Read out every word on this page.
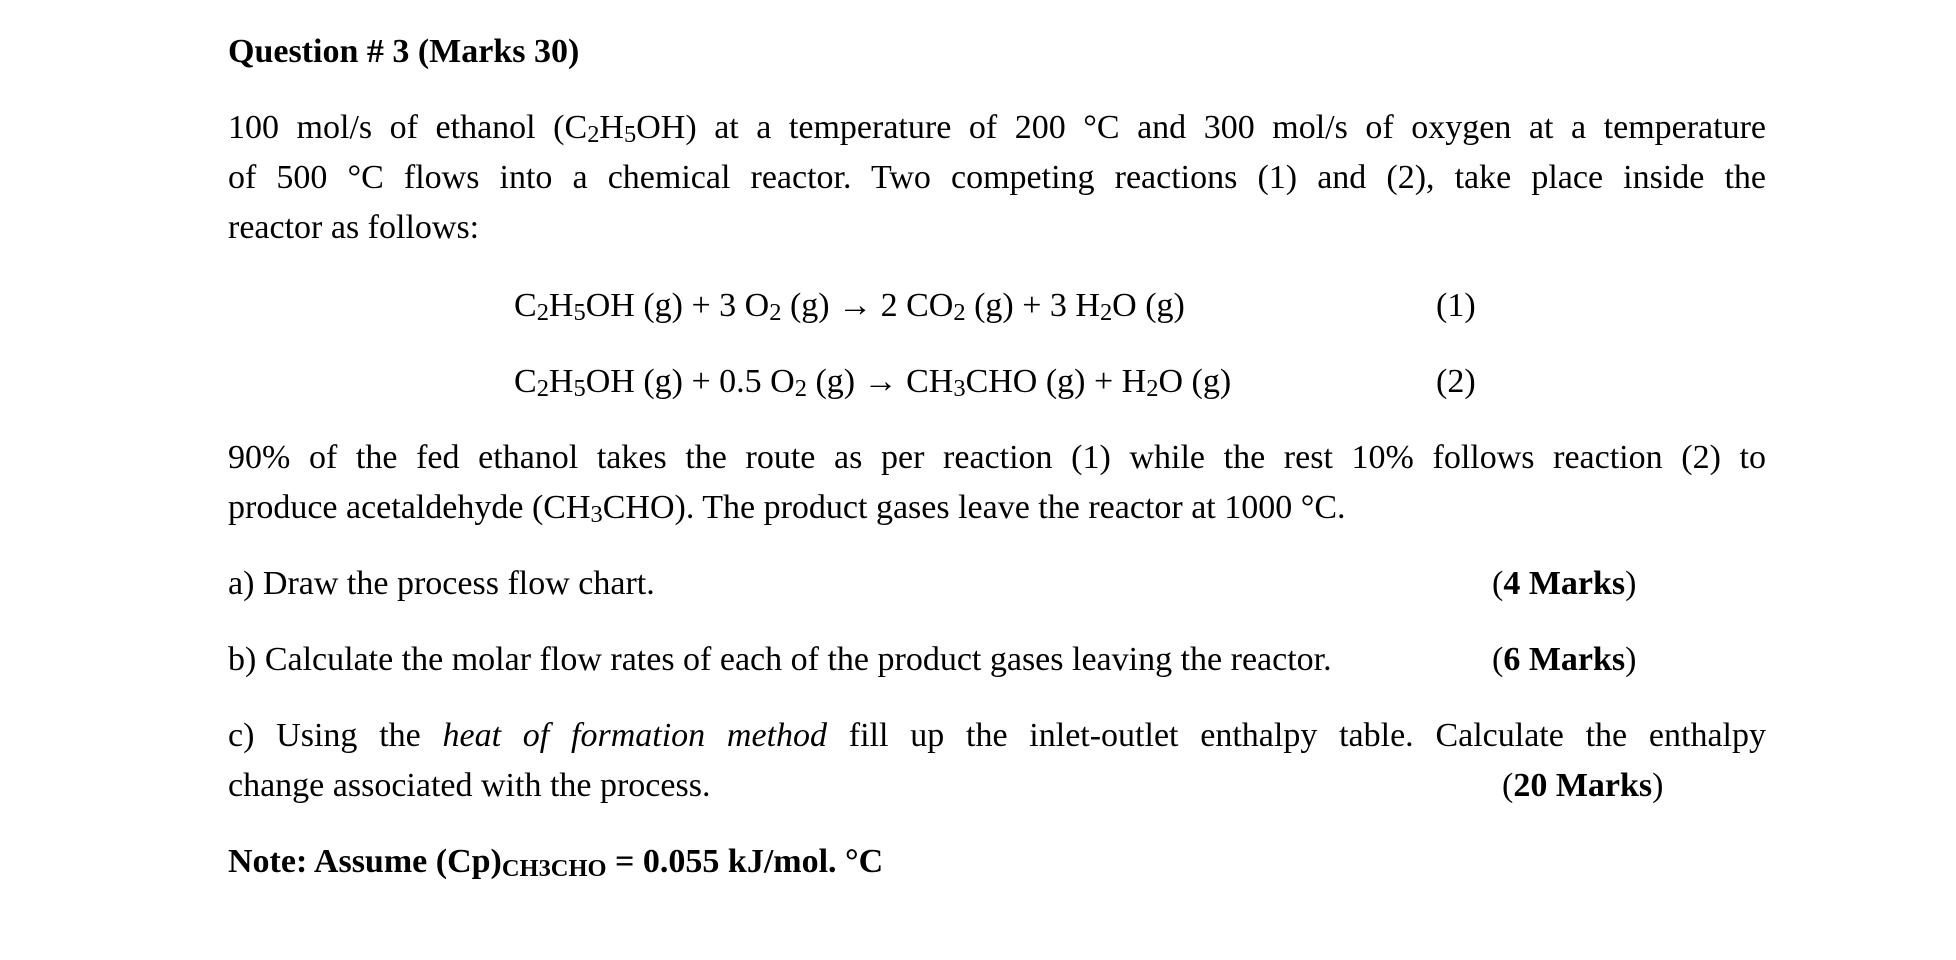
Question # 3 (Marks 30)
100 mol/s of ethanol (C2H5OH) at a temperature of 200 °C and 300 mol/s of oxygen at a temperature
of 500 °C flows into a chemical reactor. Two competing reactions (1) and (2), take place inside the
reactor as follows:
C2H5OH (g) + 3 O2 (g) → 2 CO2 (g) + 3 H2O (g)	(1)
C2H5OH (g) + 0.5 O2 (g) → CH3CHO (g) + H2O (g)	(2)
90% of the fed ethanol takes the route as per reaction (1) while the rest 10% follows reaction (2) to
produce acetaldehyde (CH3CHO). The product gases leave the reactor at 1000 °C.
a) Draw the process flow chart.	(4 Marks)
b) Calculate the molar flow rates of each of the product gases leaving the reactor.	(6 Marks)
c) Using the heat of formation method fill up the inlet-outlet enthalpy table. Calculate the enthalpy
change associated with the process.	(20 Marks)
Note: Assume (Cp)CH3CHO = 0.055 kJ/mol. °C
